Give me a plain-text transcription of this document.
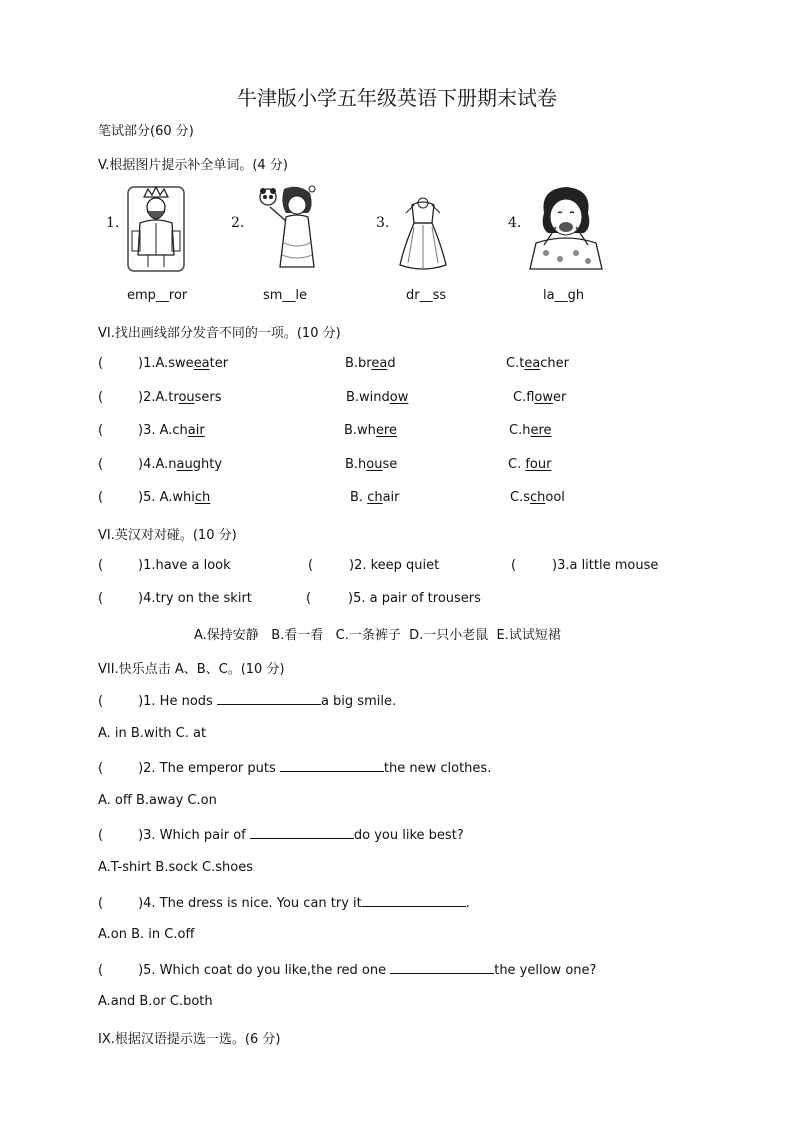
牛津版小学五年级英语下册期末试卷
笔试部分(60 分)
V.根据图片提示补全单词。(4 分)
1.	2.	3.	4.
emp__ror	sm__le	dr__ss	la__gh
VI.找出画线部分发音不同的一项。(10 分)
(	)1.A.sweeater	B.bread	C.teacher
(	)2.A.trousers	B.window	C.flower
(	)3. A.chair	B.where	C.here
(	)4.A.naughty	B.house	C. four
(	)5. A.which	B. chair	C.school
VI.英汉对对碰。(10 分)
(	)1.have a look	(	)2. keep quiet	(	)3.a little mouse
(	)4.try on the skirt	(	)5. a pair of trousers
A.保持安静   B.看一看   C.一条裤子  D.一只小老鼠  E.试试短裙
VII.快乐点击 A、B、C。(10 分)
(	)1. He nods	a big smile.
A. in B.with C. at
(	)2. The emperor puts	the new clothes.
A. off B.away C.on
(	)3. Which pair of	do you like best?
A.T-shirt B.sock C.shoes
(	)4. The dress is nice. You can try it	.
A.on B. in C.off
(	)5. Which coat do you like,the red one	the yellow one?
A.and B.or C.both
IX.根据汉语提示选一选。(6 分)
